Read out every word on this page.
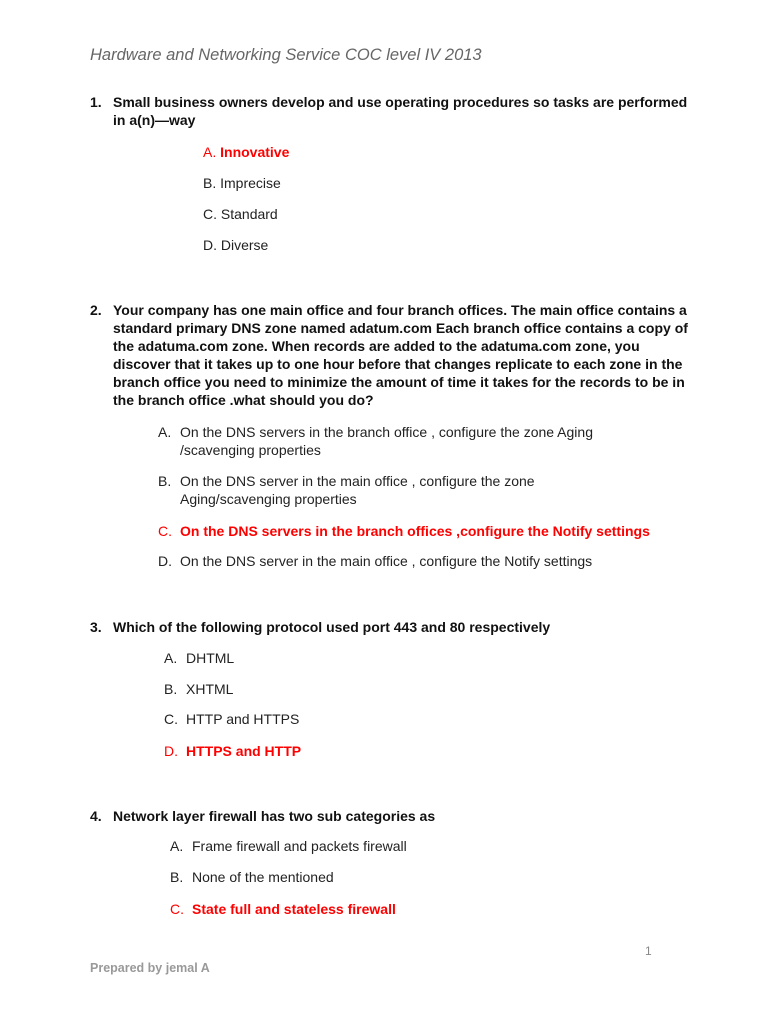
Hardware and Networking Service COC level IV 2013
1. Small business owners develop and use operating procedures so tasks are performed in a(n)—way
A. Innovative
B. Imprecise
C. Standard
D. Diverse
2. Your company has one main office and four branch offices. The main office contains a standard primary DNS zone named adatum.com Each branch office contains a copy of the adatuma.com zone. When records are added to the adatuma.com zone, you discover that it takes up to one hour before that changes replicate to each zone in the branch office you need to minimize the amount of time it takes for the records to be in the branch office .what should you do?
A. On the DNS servers in the branch office , configure the zone Aging /scavenging properties
B. On the DNS server in the main office , configure the zone Aging/scavenging properties
C. On the DNS servers in the branch offices ,configure the Notify settings
D. On the DNS server in the main office , configure the Notify settings
3. Which of the following protocol used port 443 and 80 respectively
A. DHTML
B. XHTML
C. HTTP and HTTPS
D. HTTPS and HTTP
4. Network layer firewall has two sub categories as
A. Frame firewall and packets firewall
B. None of the mentioned
C. State full and stateless firewall
1
Prepared by jemal A
